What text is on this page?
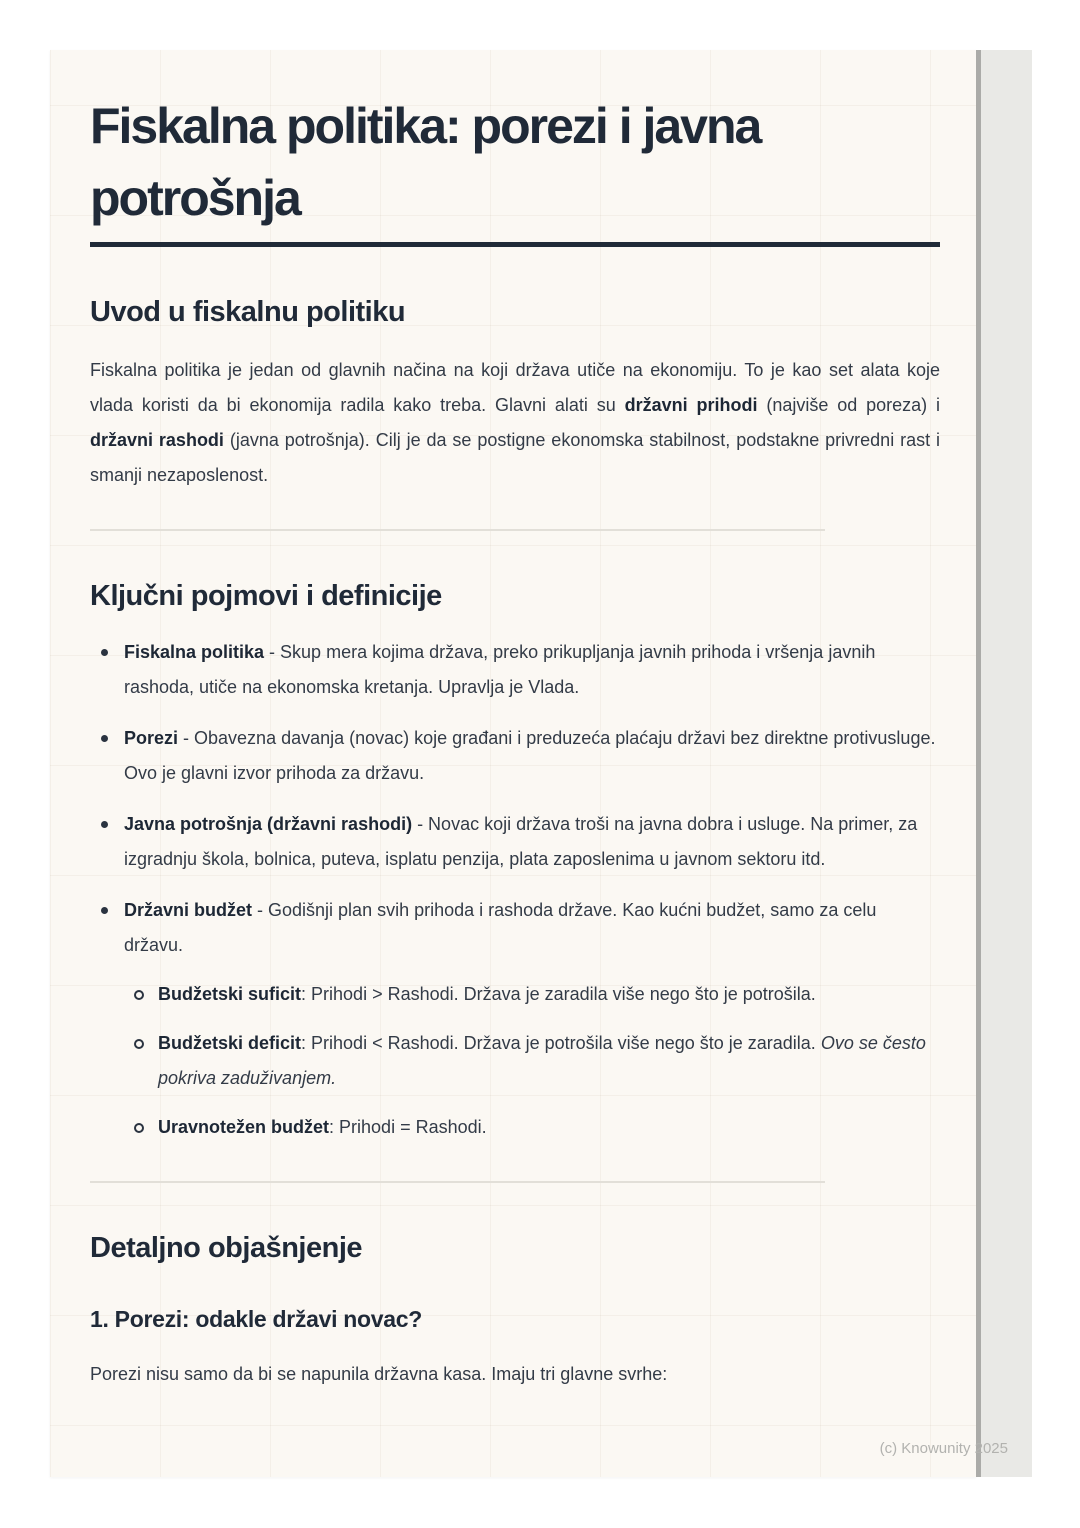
Fiskalna politika: porezi i javna
potrošnja
Uvod u fiskalnu politiku

Fiskalna politika je jedan od glavnih načina na koji država utiče na ekonomiju. To je kao set alata koje vlada koristi da bi ekonomija radila kako treba. Glavni alati su državni prihodi (najviše od poreza) i državni rashodi (javna potrošnja). Cilj je da se postigne ekonomska stabilnost, podstakne privredni rast i smanji nezaposlenost.

Ključni pojmovi i definicije
Fiskalna politika - Skup mera kojima država, preko prikupljanja javnih prihoda i vršenja javnih rashoda, utiče na ekonomska kretanja. Upravlja je Vlada.
Porezi - Obavezna davanja (novac) koje građani i preduzeća plaćaju državi bez direktne protivusluge. Ovo je glavni izvor prihoda za državu.
Javna potrošnja (državni rashodi) - Novac koji država troši na javna dobra i usluge. Na primer, za izgradnju škola, bolnica, puteva, isplatu penzija, plata zaposlenima u javnom sektoru itd.
Državni budžet - Godišnji plan svih prihoda i rashoda države. Kao kućni budžet, samo za celu državu.
Budžetski suficit: Prihodi > Rashodi. Država je zaradila više nego što je potrošila.
Budžetski deficit: Prihodi < Rashodi. Država je potrošila više nego što je zaradila. Ovo se često pokriva zaduživanjem.
Uravnotežen budžet: Prihodi = Rashodi.
Detaljno objašnjenje
1. Porezi: odakle državi novac?

Porezi nisu samo da bi se napunila državna kasa. Imaju tri glavne svrhe:

(c) Knowunity 2025
